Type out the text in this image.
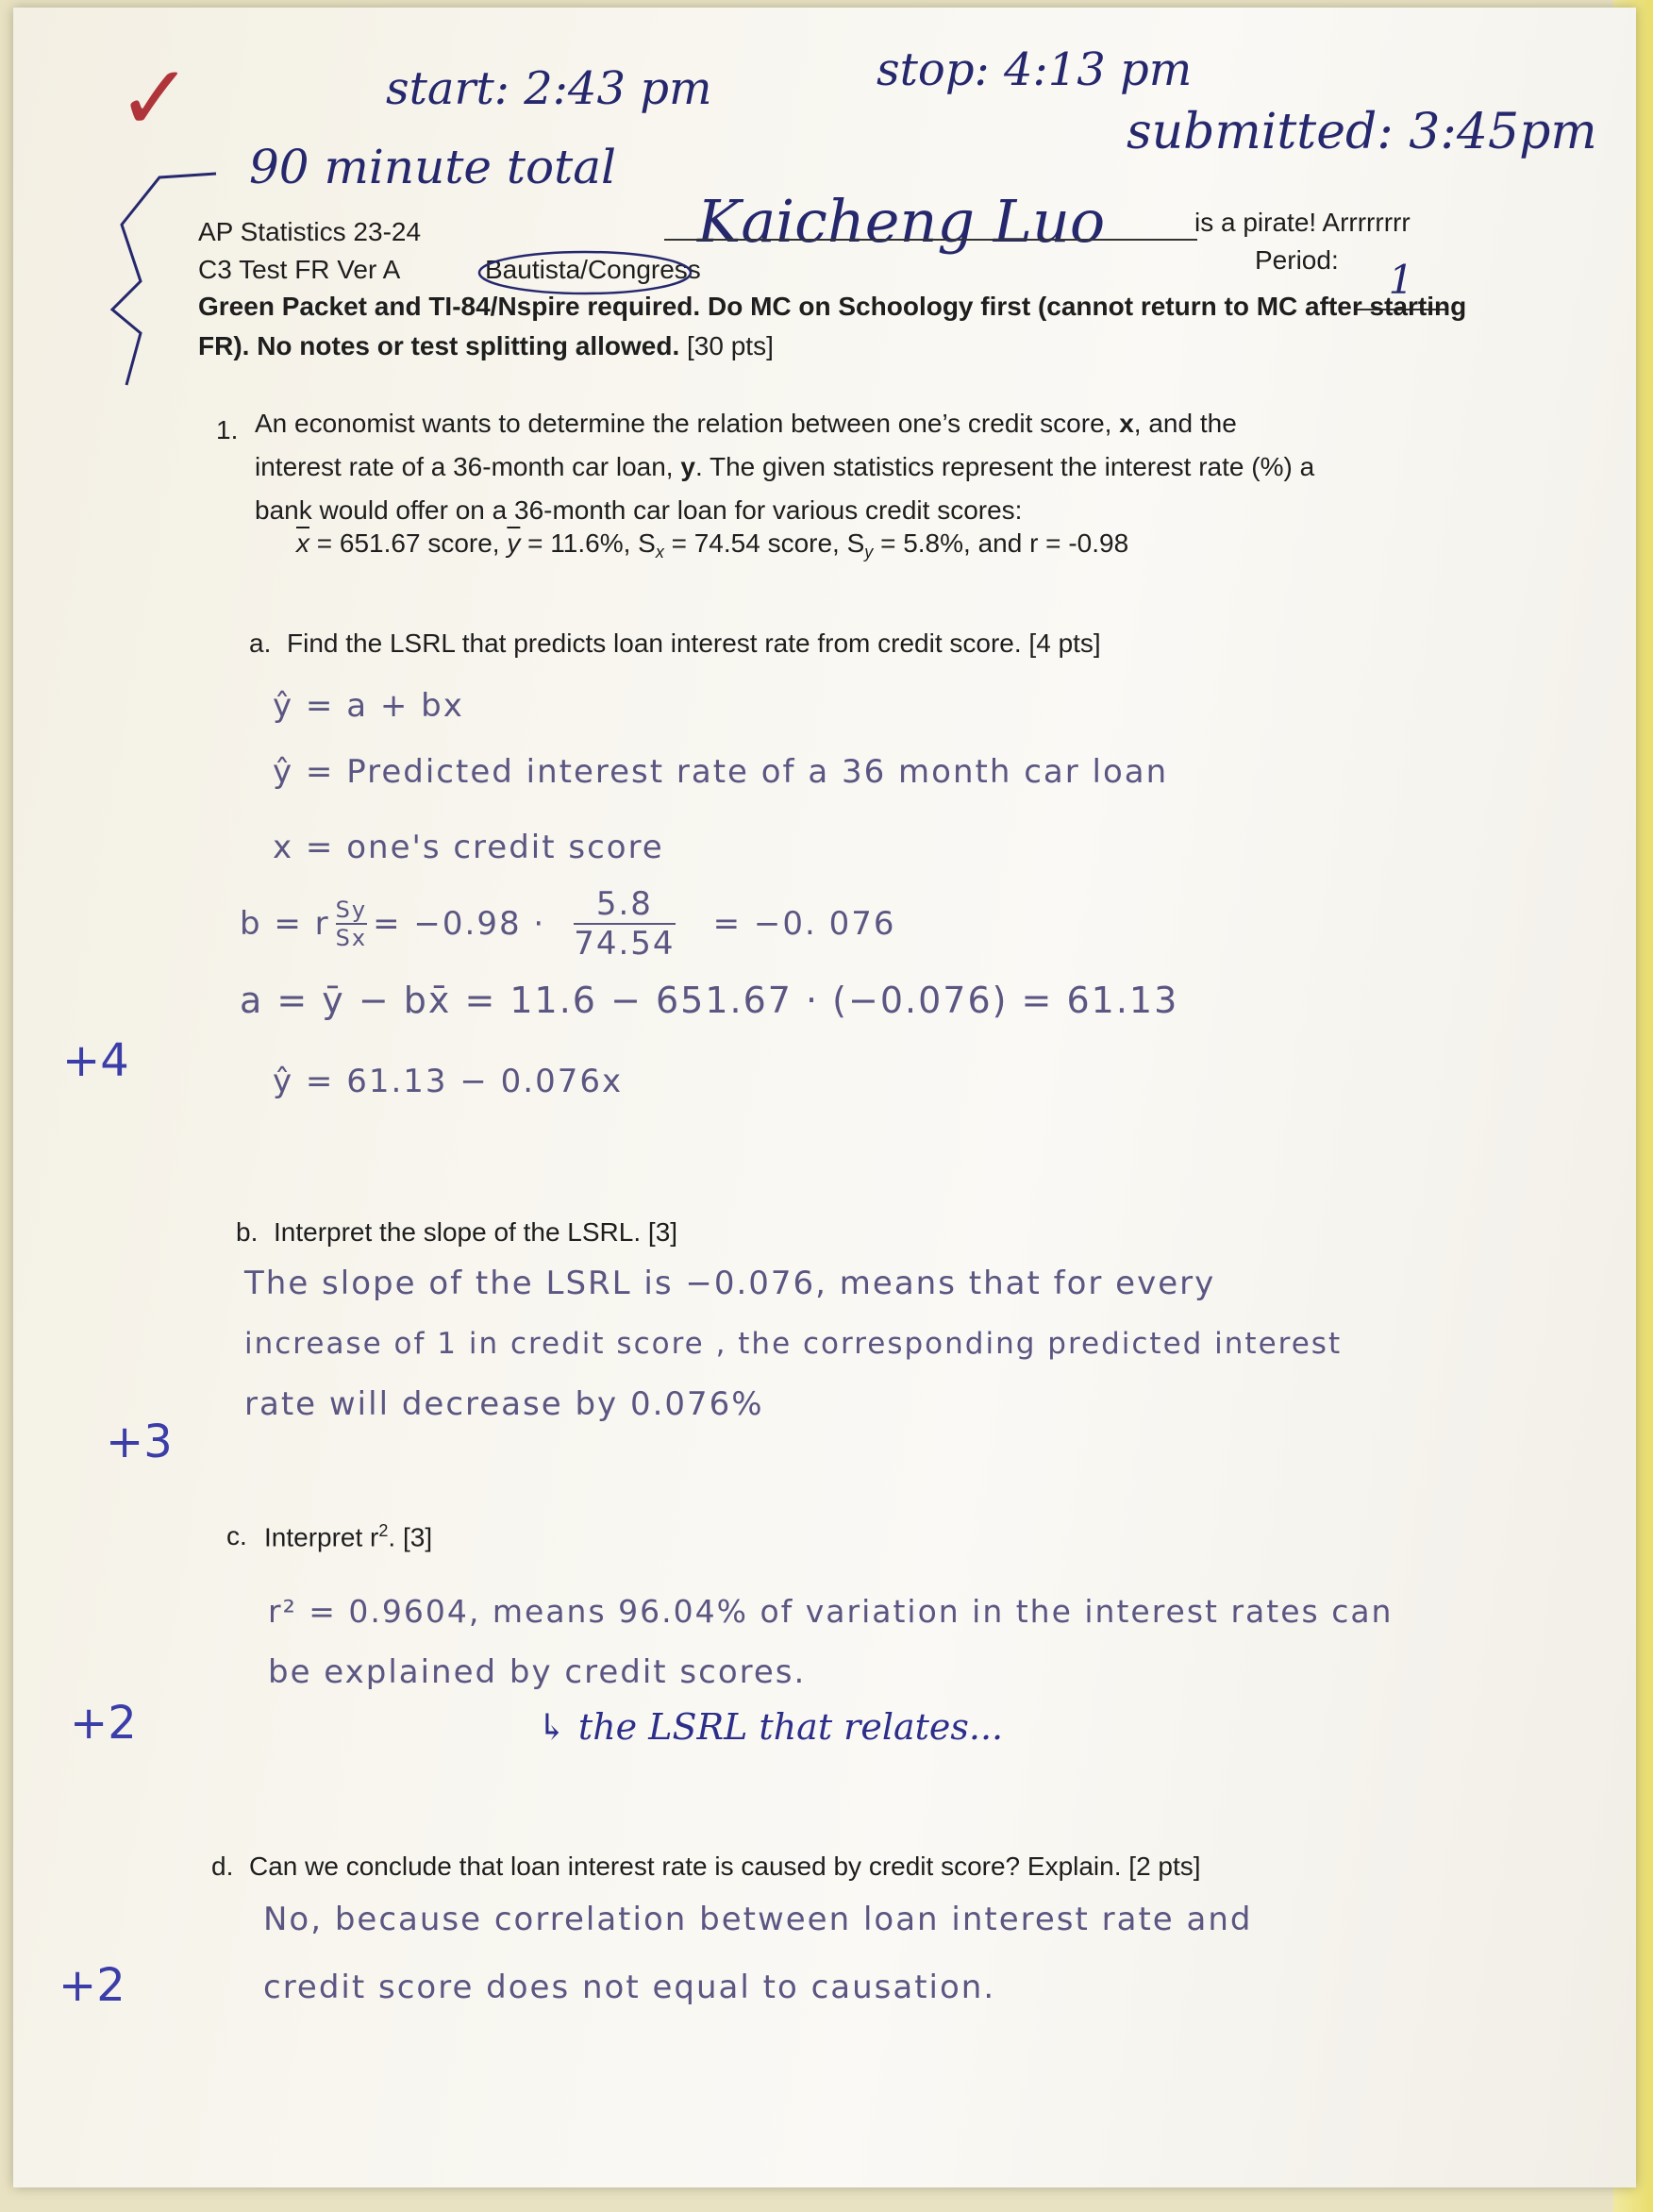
✓	start: 2:43 pm	stop: 4:13 pm
submitted: 3:45pm
90 minute total
Kaicheng Luo
AP Statistics 23-24	is a pirate! Arrrrrrrr
C3 Test FR Ver A	Bautista/Congress	Period:	1
Green Packet and TI-84/Nspire required. Do MC on Schoology first (cannot return to MC after starting FR). No notes or test splitting allowed. [30 pts]
1. An economist wants to determine the relation between one’s credit score, x, and the
interest rate of a 36-month car loan, y. The given statistics represent the interest rate (%) a
bank would offer on a 36-month car loan for various credit scores:
$\overline{x} = 651.67$ score, $\overline{y} = 11.6\%$, $S_x = 74.54$ score, $S_y = 5.8\%$, and r = -0.98
a. Find the LSRL that predicts loan interest rate from credit score. [4 pts]
ŷ = a + bx
ŷ = Predicted interest rate of a 36 month car loan
x = one's credit score
b = r $\frac{Sy}{Sx} = -0.98 \cdot \frac{5.8}{74.54} = -0$. 076
a = ȳ − bx̄ = 11.6 − 651.67 · (−0.076) = 61.13
ŷ = 61.13 − 0.076x
+4
b. Interpret the slope of the LSRL. [3]
The slope of the LSRL is −0.076, means that for every
increase of 1 in credit score , the corresponding predicted interest
rate will decrease by 0.076%
+3
c. Interpret $r^2$. [3]
r² = 0.9604, means 96.04% of variation in the interest rates can
be explained by credit scores.
↳ the LSRL that relates...
+2
d. Can we conclude that loan interest rate is caused by credit score? Explain. [2 pts]
No, because correlation between loan interest rate and
credit score does not equal to causation.
+2
